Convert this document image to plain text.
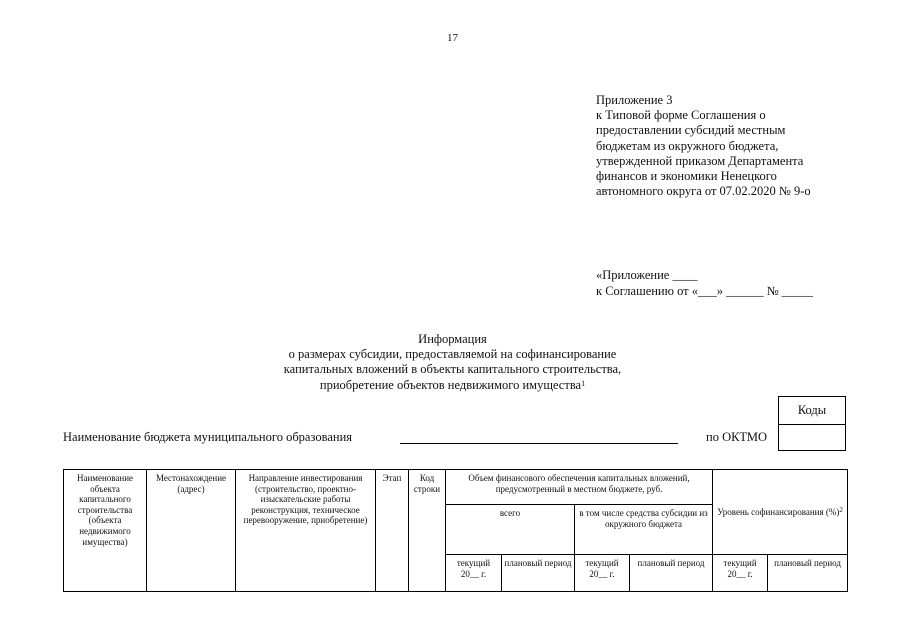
17
Приложение 3
к Типовой форме Соглашения о
предоставлении субсидий местным
бюджетам из окружного бюджета,
утвержденной приказом Департамента
финансов и экономики Ненецкого
автономного округа от 07.02.2020 № 9-о
«Приложение ____
к Соглашению от «___» ______ № _____
Информация
о размерах субсидии, предоставляемой на софинансирование
капитальных вложений в объекты капитального строительства,
приобретение объектов недвижимого имущества$^1$
Коды
Наименование бюджета муниципального образования	по ОКТМО
Наименование объекта капитального строительства (объекта недвижимого имущества)	Местонахождение (адрес)	Направление инвестирования (строительство, проектно-изыскательские работы реконструкция, техническое перевооружение, приобретение)	Этап	Код строки	Объем финансового обеспечения капитальных вложений, предусмотренный в местном бюджете, руб.				Уровень софинансирования (%)$^2$
					всего		в том числе средства субсидии из окружного бюджета			
					текущий 20__ г.	плановый период	текущий 20__ г.	плановый период	текущий 20__ г.	плановый период
